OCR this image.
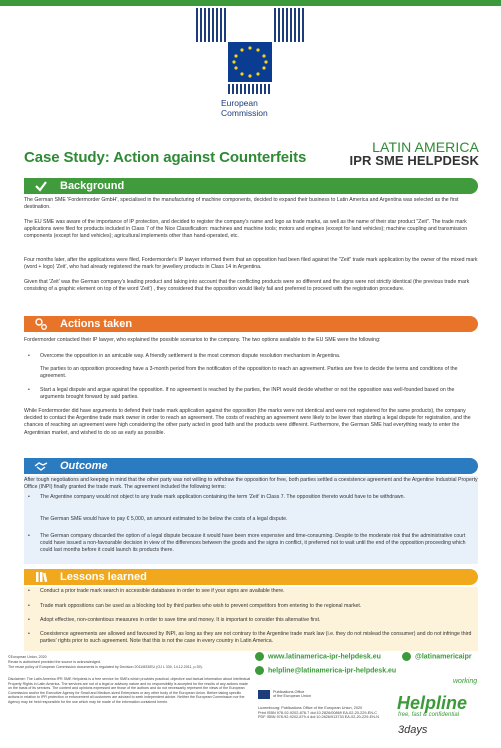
European
Commission
Case Study: Action against Counterfeits
LATIN AMERICA
IPR SME HELPDESK
Background
The German SME 'Fordermorder GmbH', specialised in the manufacturing of machine components, decided to expand their business to Latin America and Argentina was selected as the first destination.
The EU SME was aware of the importance of IP protection, and decided to register the company's name and logo as trade marks, as well as the name of their star product "Zeit". The trade mark applications were filed for products included in Class 7 of the Nice Classification: machines and machine tools; motors and engines (except for land vehicles); machine coupling and transmission components (except for land vehicles); agricultural implements other than hand-operated, etc.
Four months later, after the applications were filed, Fordermorder's IP lawyer informed them that an opposition had been filed against the "Zeit" trade mark application by the owner of the mixed mark (word + logo) 'Zeit', who had already registered the mark for jewellery products in Class 14 in Argentina.
Given that 'Zeit' was the German company's leading product and taking into account that the conflicting products were so different and the signs were not strictly identical (the previous trade mark consisting of a graphic element on top of the word 'Zeit') , they considered that the opposition would likely fail and preferred to proceed with the registration procedure.
Actions taken
Fordermorder contacted their IP lawyer, who explained the possible scenarios to the company. The two options available to the EU SME were the following:
• Overcome the opposition in an amicable way. A friendly settlement is the most common dispute resolution mechanism in Argentina.
The parties to an opposition proceeding have a 3-month period from the notification of the opposition to reach an agreement. Parties are free to decide the terms and conditions of the agreement.
• Start a legal dispute and argue against the opposition. If no agreement is reached by the parties, the INPI would decide whether or not the opposition was well-founded based on the arguments brought forward by said parties.
While Fordermorder did have arguments to defend their trade mark application against the opposition (the marks were not identical and were not registered for the same products), the company decided to contact the Argentine trade mark owner in order to reach an agreement. The costs of reaching an agreement were likely to be lower than starting a legal dispute for registration, and the chances of reaching an agreement were high considering the other party acted in good faith and the products were different. Furthermore, the German SME had everything ready to enter the Argentinian market, and wished to do so as early as possible.
Outcome
After tough negotiations and keeping in mind that the other party was not willing to withdraw the opposition for free, both parties settled a coexistence agreement and the Argentine Industrial Property Office (INPI) finally granted the trade mark. The agreement included the following terms:
• The Argentine company would not object to any trade mark application containing the term 'Zeit' in Class 7. The opposition thereto would have to be withdrawn.
The German SME would have to pay € 5,000, an amount estimated to be below the costs of a legal dispute.
• The German company discarded the option of a legal dispute because it would have been more expensive and time-consuming. Despite to the moderate risk that the administrative court could have issued a non-favourable decision in view of the differences between the goods and the signs in conflict, it preferred not to wait until the end of the opposition proceeding which could last months before it could launch its products there.
Lessons learned
• Conduct a prior trade mark search in accessible databases in order to see if your signs are available there.
• Trade mark oppositions can be used as a blocking tool by third parties who wish to prevent competitors from entering to the regional market.
• Adopt effective, non-contentious measures in order to save time and money. It is important to consider this alternative first.
• Coexistence agreements are allowed and favoured by INPI, as long as they are not contrary to the Argentine trade mark law (i.e. they do not mislead the consumer) and do not infringe third parties' rights prior to such agreement. Note that this is not the case in every country in Latin America.
©European Union, 2020
Reuse is authorised provided the source is acknowledged.
The reuse policy of European Commission documents is regulated by Decision 2011/833/EU (OJ L 330, 14.12.2011, p.39).
Disclaimer: The Latin America IPR SME Helpdesk is a free service for SMEs which provides practical, objective and factual information about Intellectual Property Rights in Latin America. The services are not of a legal or advisory nature and no responsibility is accepted for the results of any actions made on the basis of its services. The content and opinions expressed are those of the authors and do not necessarily represent the views of the European Commission and/or the Executive Agency for Small and Medium-sized Enterprises or any other body of the European Union. Before taking specific actions in relation to IPR protection or enforcement all customers are advised to seek independent advice. Neither the European Commission nor the Agency may be held responsible for the use which may be made of the information contained herein.
www.latinamerica-ipr-helpdesk.eu	@latinamericaipr
helpline@latinamerica-ipr-helpdesk.eu
Publications Office
of the European Union
Luxembourg: Publications Office of the European Union, 2020
Print ISBN 978-92-9202-878-7 doi:10.2826/00869 EA-02-20-229-EN-C
PDF ISBN 978-92-9202-879-4 doi:10.2826/913733 EA-02-20-229-EN-N
working
Helpline
free, fast & confidential
3days
